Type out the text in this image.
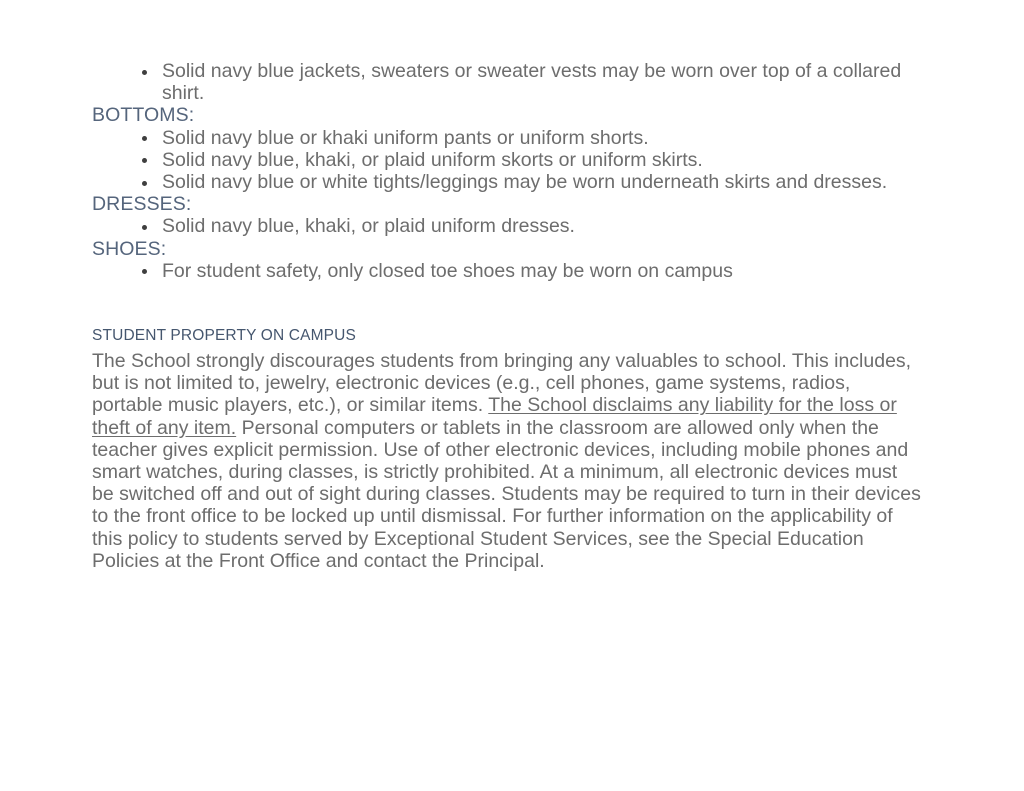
Solid navy blue jackets, sweaters or sweater vests may be worn over top of a collared shirt.
BOTTOMS:
Solid navy blue or khaki uniform pants or uniform shorts.
Solid navy blue, khaki, or plaid uniform skorts or uniform skirts.
Solid navy blue or white tights/leggings may be worn underneath skirts and dresses.
DRESSES:
Solid navy blue, khaki, or plaid uniform dresses.
SHOES:
For student safety, only closed toe shoes may be worn on campus
STUDENT PROPERTY ON CAMPUS
The School strongly discourages students from bringing any valuables to school. This includes, but is not limited to, jewelry, electronic devices (e.g., cell phones, game systems, radios, portable music players, etc.), or similar items. The School disclaims any liability for the loss or theft of any item. Personal computers or tablets in the classroom are allowed only when the teacher gives explicit permission. Use of other electronic devices, including mobile phones and smart watches, during classes, is strictly prohibited. At a minimum, all electronic devices must be switched off and out of sight during classes. Students may be required to turn in their devices to the front office to be locked up until dismissal. For further information on the applicability of this policy to students served by Exceptional Student Services, see the Special Education Policies at the Front Office and contact the Principal.
